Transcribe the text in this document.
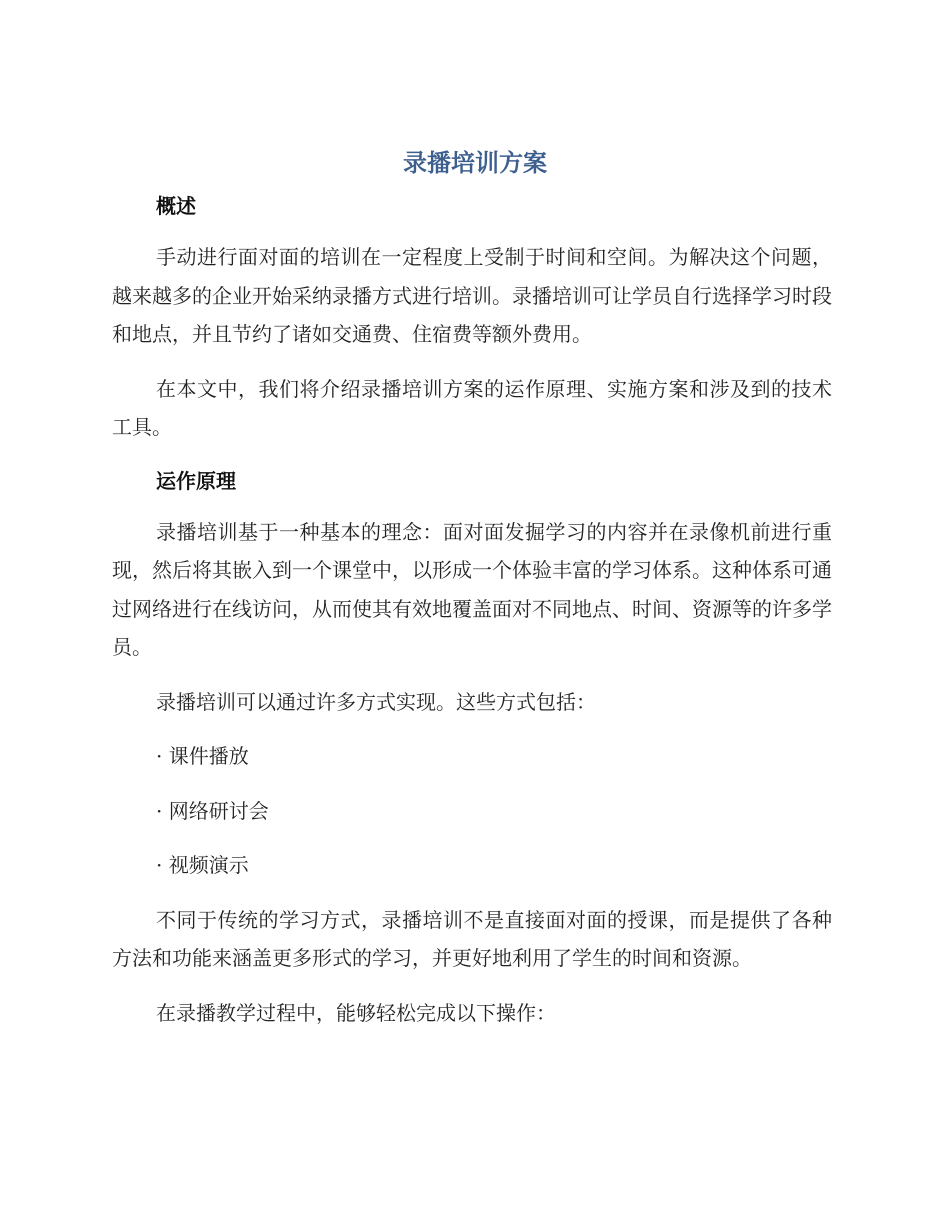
录播培训方案
概述

手动进行面对面的培训在一定程度上受制于时间和空间。为解决这个问题，越来越多的企业开始采纳录播方式进行培训。录播培训可让学员自行选择学习时段和地点，并且节约了诸如交通费、住宿费等额外费用。

在本文中，我们将介绍录播培训方案的运作原理、实施方案和涉及到的技术工具。

运作原理

录播培训基于一种基本的理念：面对面发掘学习的内容并在录像机前进行重现，然后将其嵌入到一个课堂中，以形成一个体验丰富的学习体系。这种体系可通过网络进行在线访问，从而使其有效地覆盖面对不同地点、时间、资源等的许多学员。

录播培训可以通过许多方式实现。这些方式包括：

· 课件播放

· 网络研讨会

· 视频演示

不同于传统的学习方式，录播培训不是直接面对面的授课，而是提供了各种方法和功能来涵盖更多形式的学习，并更好地利用了学生的时间和资源。

在录播教学过程中，能够轻松完成以下操作：
